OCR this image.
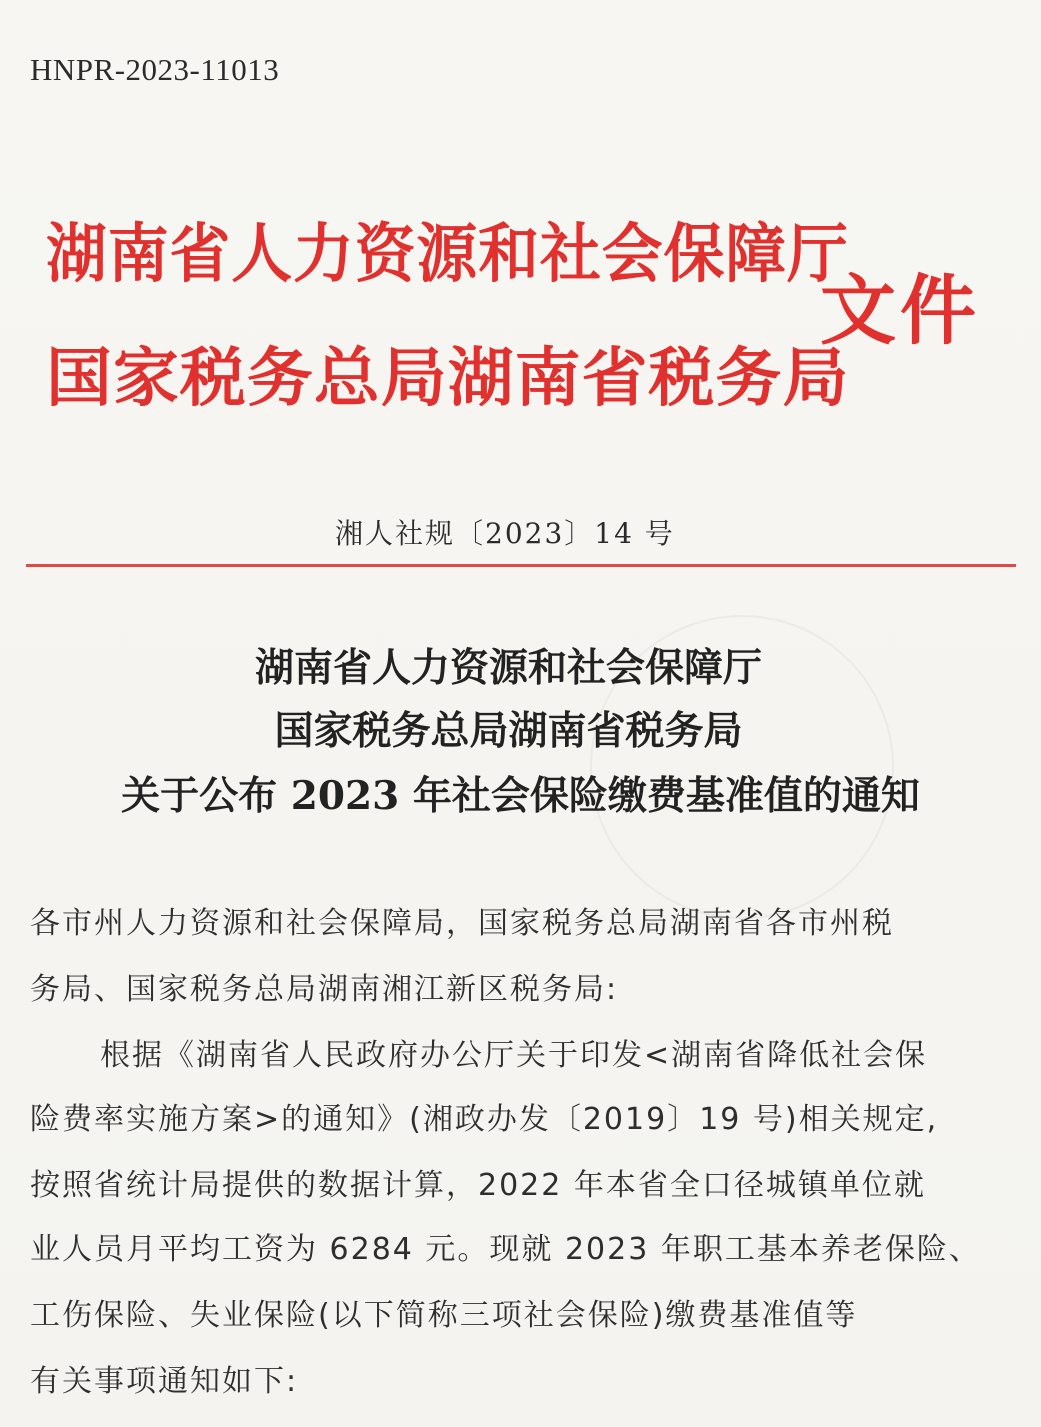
HNPR-2023-11013
湖南省人力资源和社会保障厅
国家税务总局湖南省税务局
文件
湘人社规〔2023〕14 号
湖南省人力资源和社会保障厅
国家税务总局湖南省税务局
关于公布 2023 年社会保险缴费基准值的通知
各市州人力资源和社会保障局，国家税务总局湖南省各市州税
务局、国家税务总局湖南湘江新区税务局:
根据《湖南省人民政府办公厅关于印发<湖南省降低社会保
险费率实施方案>的通知》(湘政办发〔2019〕19 号)相关规定,
按照省统计局提供的数据计算，2022 年本省全口径城镇单位就
业人员月平均工资为 6284 元。现就 2023 年职工基本养老保险、
工伤保险、失业保险(以下简称三项社会保险)缴费基准值等
有关事项通知如下:
